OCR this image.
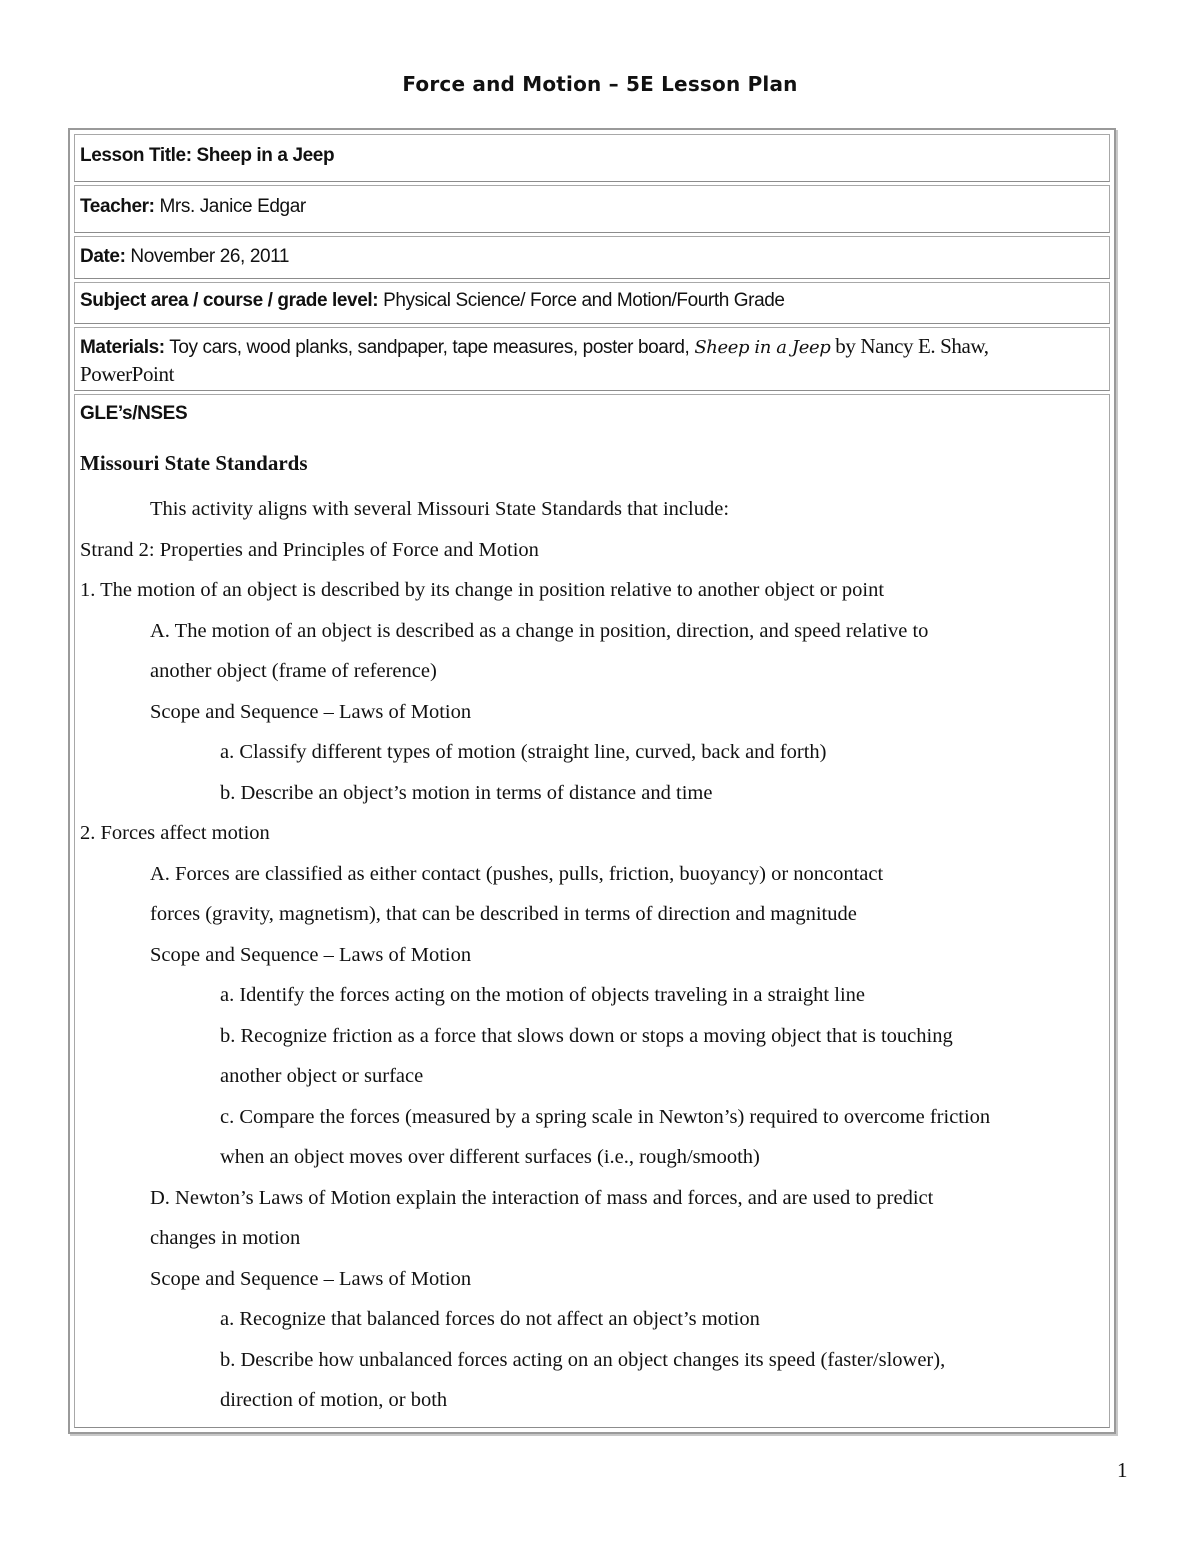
Force and Motion – 5E Lesson Plan
Lesson Title: Sheep in a Jeep
Teacher: Mrs. Janice Edgar
Date: November 26, 2011
Subject area / course / grade level: Physical Science/ Force and Motion/Fourth Grade
Materials: Toy cars, wood planks, sandpaper, tape measures, poster board, Sheep in a Jeep by Nancy E. Shaw,
PowerPoint
GLE’s/NSES
Missouri State Standards
This activity aligns with several Missouri State Standards that include:
Strand 2: Properties and Principles of Force and Motion
1. The motion of an object is described by its change in position relative to another object or point
A. The motion of an object is described as a change in position, direction, and speed relative to
another object (frame of reference)
Scope and Sequence – Laws of Motion
a. Classify different types of motion (straight line, curved, back and forth)
b. Describe an object’s motion in terms of distance and time
2. Forces affect motion
A. Forces are classified as either contact (pushes, pulls, friction, buoyancy) or noncontact
forces (gravity, magnetism), that can be described in terms of direction and magnitude
Scope and Sequence – Laws of Motion
a. Identify the forces acting on the motion of objects traveling in a straight line
b. Recognize friction as a force that slows down or stops a moving object that is touching
another object or surface
c. Compare the forces (measured by a spring scale in Newton’s) required to overcome friction
when an object moves over different surfaces (i.e., rough/smooth)
D. Newton’s Laws of Motion explain the interaction of mass and forces, and are used to predict
changes in motion
Scope and Sequence – Laws of Motion
a. Recognize that balanced forces do not affect an object’s motion
b. Describe how unbalanced forces acting on an object changes its speed (faster/slower),
direction of motion, or both
1
